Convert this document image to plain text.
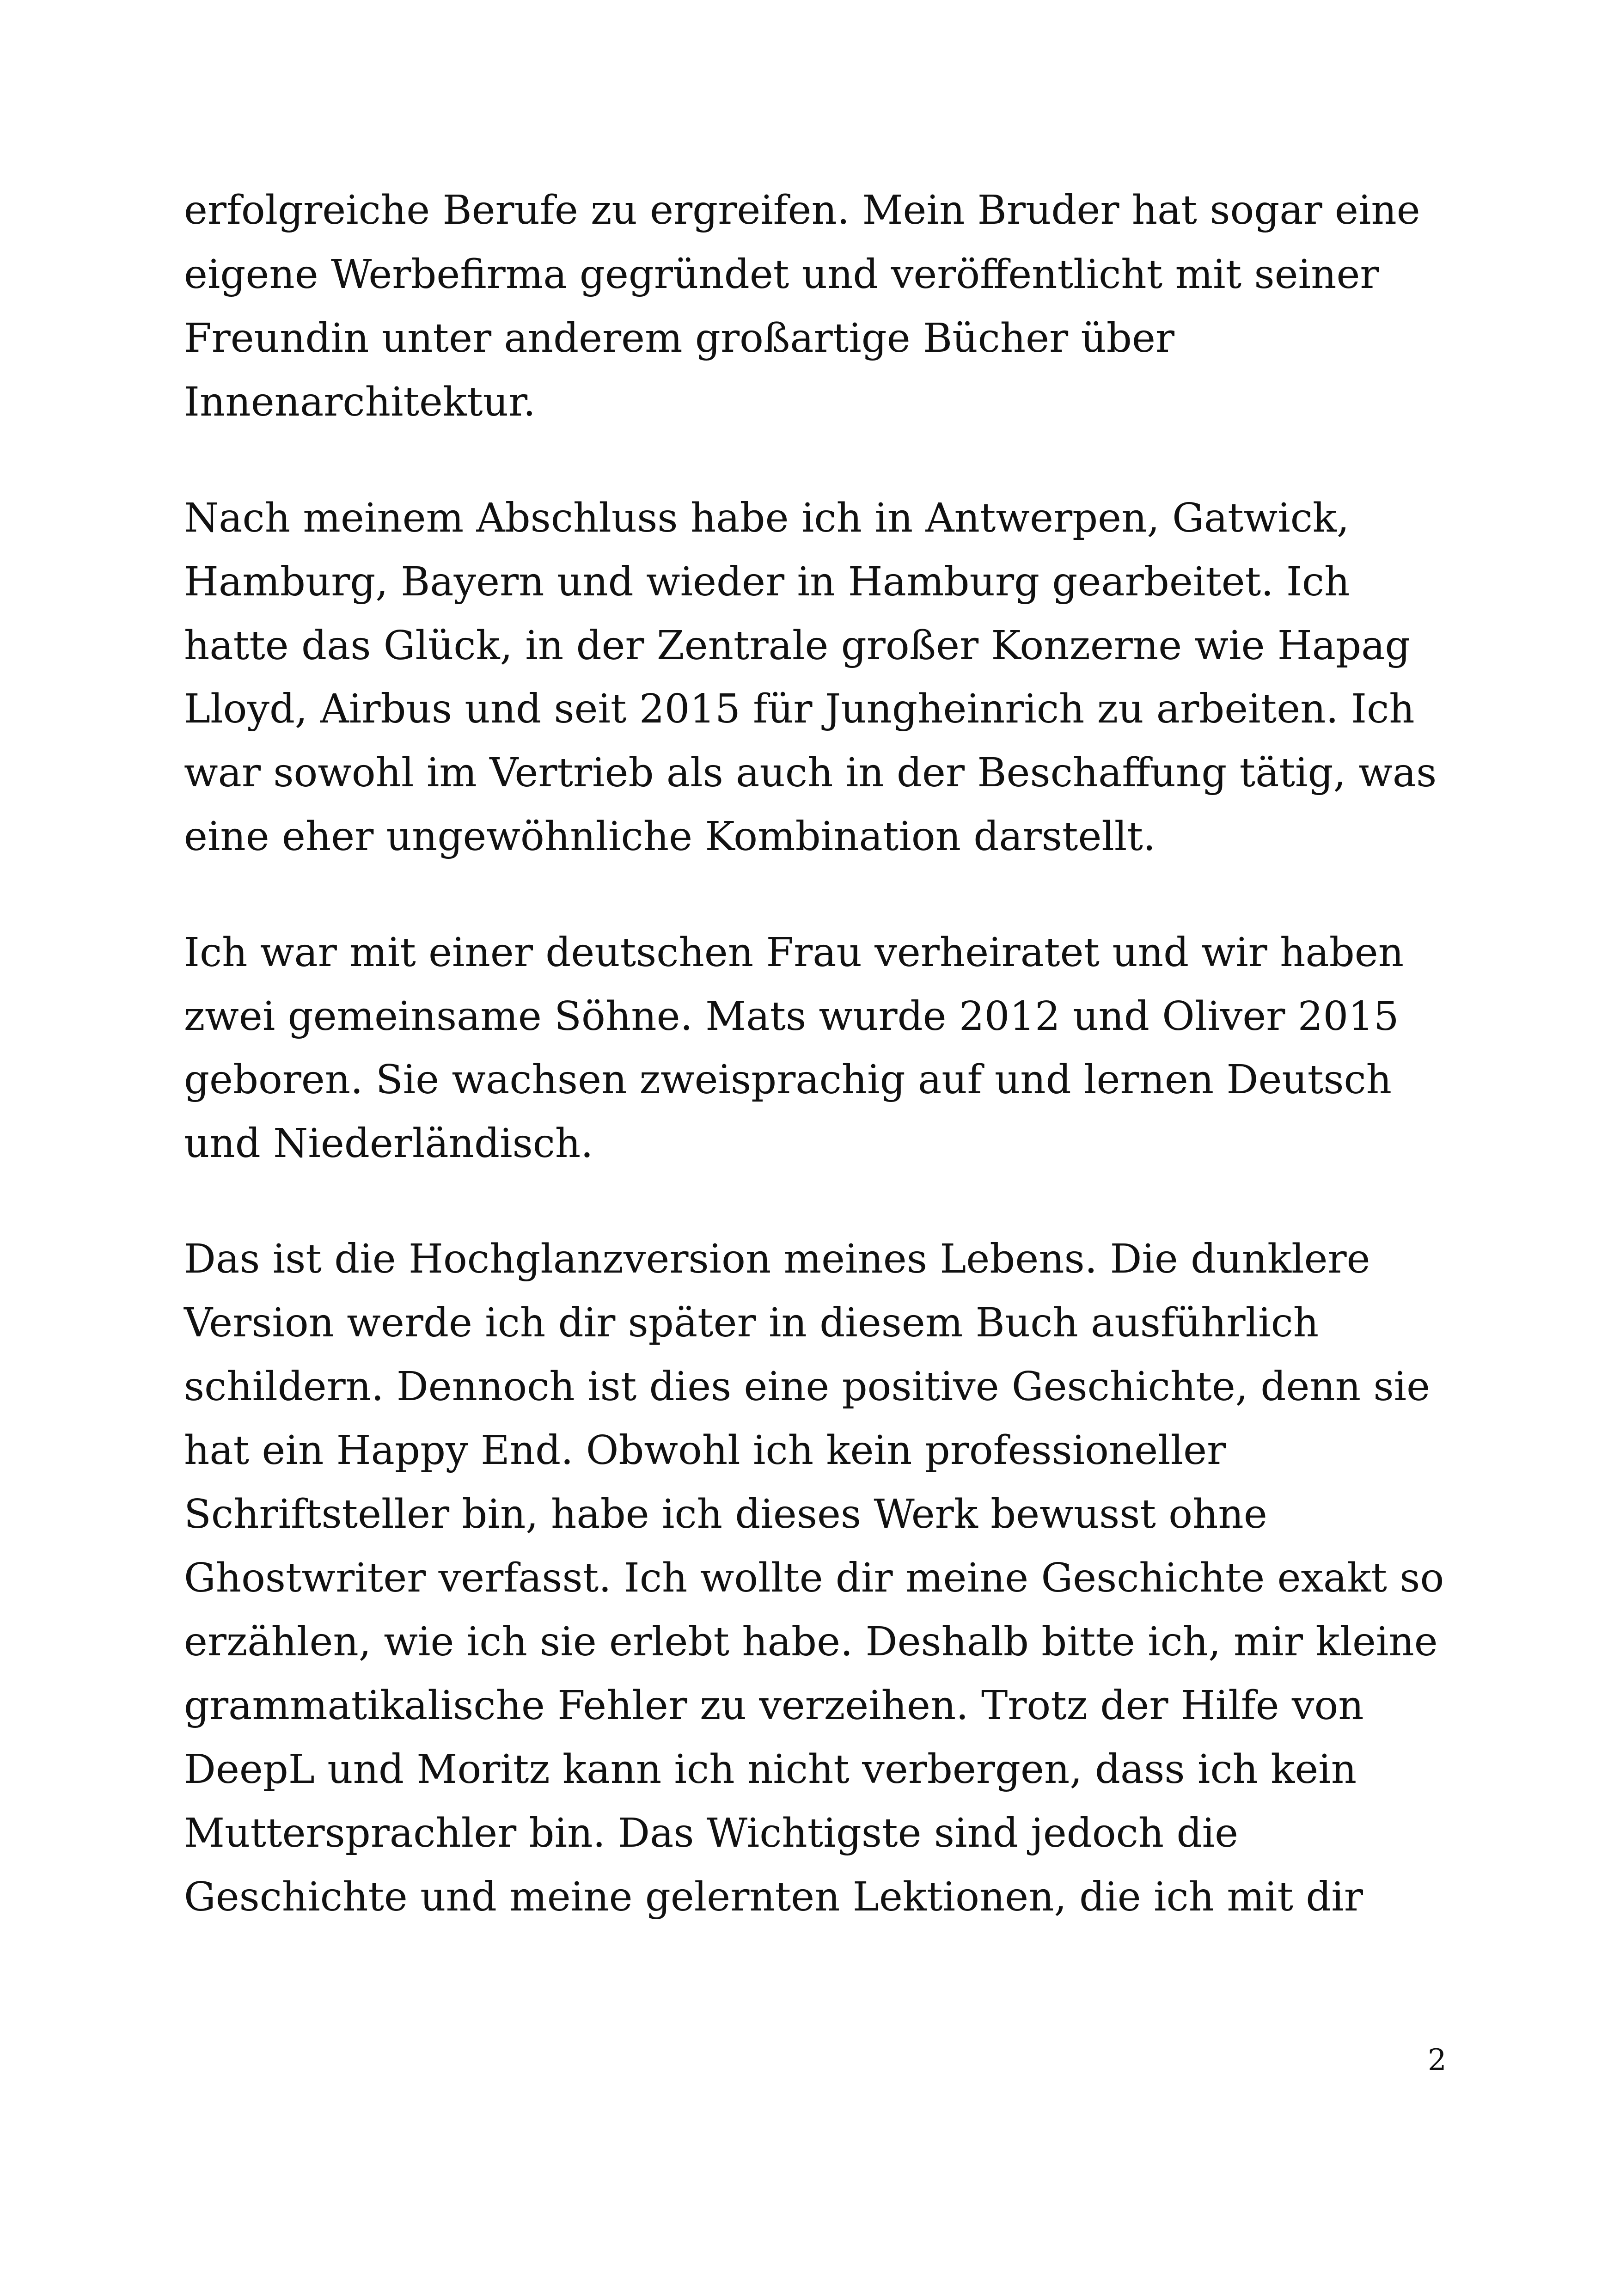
erfolgreiche Berufe zu ergreifen. Mein Bruder hat sogar eine

eigene Werbefirma gegründet und veröffentlicht mit seiner

Freundin unter anderem großartige Bücher über

Innenarchitektur.

Nach meinem Abschluss habe ich in Antwerpen, Gatwick,

Hamburg, Bayern und wieder in Hamburg gearbeitet. Ich

hatte das Glück, in der Zentrale großer Konzerne wie Hapag

Lloyd, Airbus und seit 2015 für Jungheinrich zu arbeiten. Ich

war sowohl im Vertrieb als auch in der Beschaffung tätig, was

eine eher ungewöhnliche Kombination darstellt.

Ich war mit einer deutschen Frau verheiratet und wir haben

zwei gemeinsame Söhne. Mats wurde 2012 und Oliver 2015

geboren. Sie wachsen zweisprachig auf und lernen Deutsch

und Niederländisch.

Das ist die Hochglanzversion meines Lebens. Die dunklere

Version werde ich dir später in diesem Buch ausführlich

schildern. Dennoch ist dies eine positive Geschichte, denn sie

hat ein Happy End. Obwohl ich kein professioneller

Schriftsteller bin, habe ich dieses Werk bewusst ohne

Ghostwriter verfasst. Ich wollte dir meine Geschichte exakt so

erzählen, wie ich sie erlebt habe. Deshalb bitte ich, mir kleine

grammatikalische Fehler zu verzeihen. Trotz der Hilfe von

DeepL und Moritz kann ich nicht verbergen, dass ich kein

Muttersprachler bin. Das Wichtigste sind jedoch die

Geschichte und meine gelernten Lektionen, die ich mit dir

2
